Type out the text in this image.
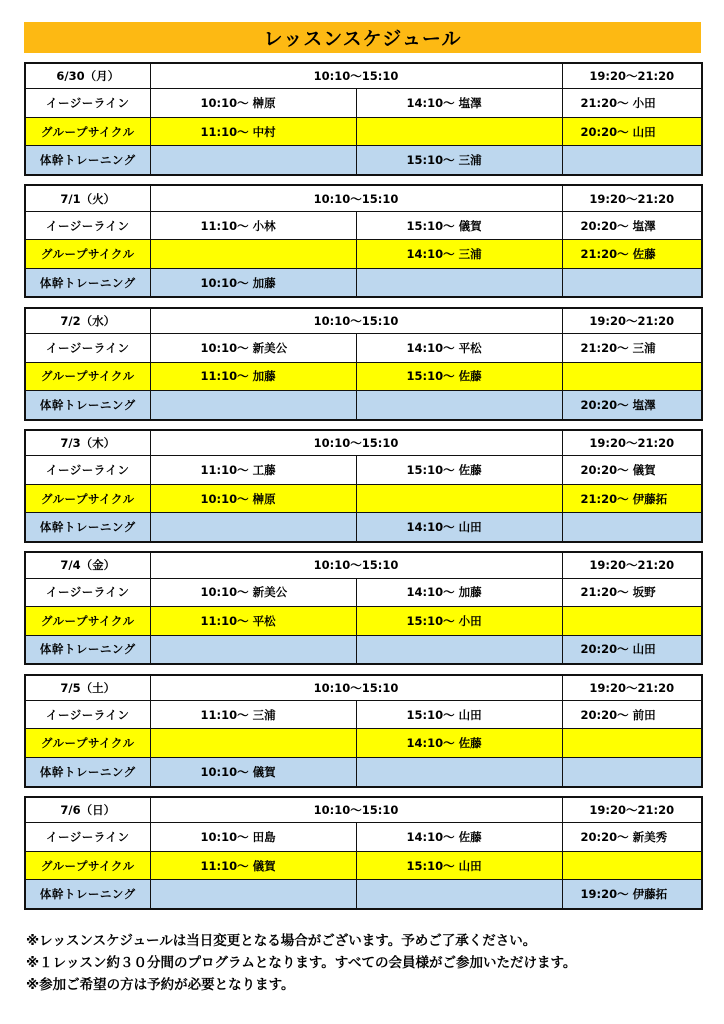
レッスンスケジュール
6/30（月）	10:10～15:10		19:20～21:20
イージーライン	10:10～ 榊原	14:10～ 塩澤	21:20～ 小田
グループサイクル	11:10～ 中村		20:20～ 山田
体幹トレーニング		15:10～ 三浦	
7/1（火）	10:10～15:10		19:20～21:20
イージーライン	11:10～ 小林	15:10～ 儀賀	20:20～ 塩澤
グループサイクル		14:10～ 三浦	21:20～ 佐藤
体幹トレーニング	10:10～ 加藤		
7/2（水）	10:10～15:10		19:20～21:20
イージーライン	10:10～ 新美公	14:10～ 平松	21:20～ 三浦
グループサイクル	11:10～ 加藤	15:10～ 佐藤	
体幹トレーニング			20:20～ 塩澤
7/3（木）	10:10～15:10		19:20～21:20
イージーライン	11:10～ 工藤	15:10～ 佐藤	20:20～ 儀賀
グループサイクル	10:10～ 榊原		21:20～ 伊藤拓
体幹トレーニング		14:10～ 山田	
7/4（金）	10:10～15:10		19:20～21:20
イージーライン	10:10～ 新美公	14:10～ 加藤	21:20～ 坂野
グループサイクル	11:10～ 平松	15:10～ 小田	
体幹トレーニング			20:20～ 山田
7/5（土）	10:10～15:10		19:20～21:20
イージーライン	11:10～ 三浦	15:10～ 山田	20:20～ 前田
グループサイクル		14:10～ 佐藤	
体幹トレーニング	10:10～ 儀賀		
7/6（日）	10:10～15:10		19:20～21:20
イージーライン	10:10～ 田島	14:10～ 佐藤	20:20～ 新美秀
グループサイクル	11:10～ 儀賀	15:10～ 山田	
体幹トレーニング			19:20～ 伊藤拓
※レッスンスケジュールは当日変更となる場合がございます。予めご了承ください。
※１レッスン約３０分間のプログラムとなります。すべての会員様がご参加いただけます。
※参加ご希望の方は予約が必要となります。
